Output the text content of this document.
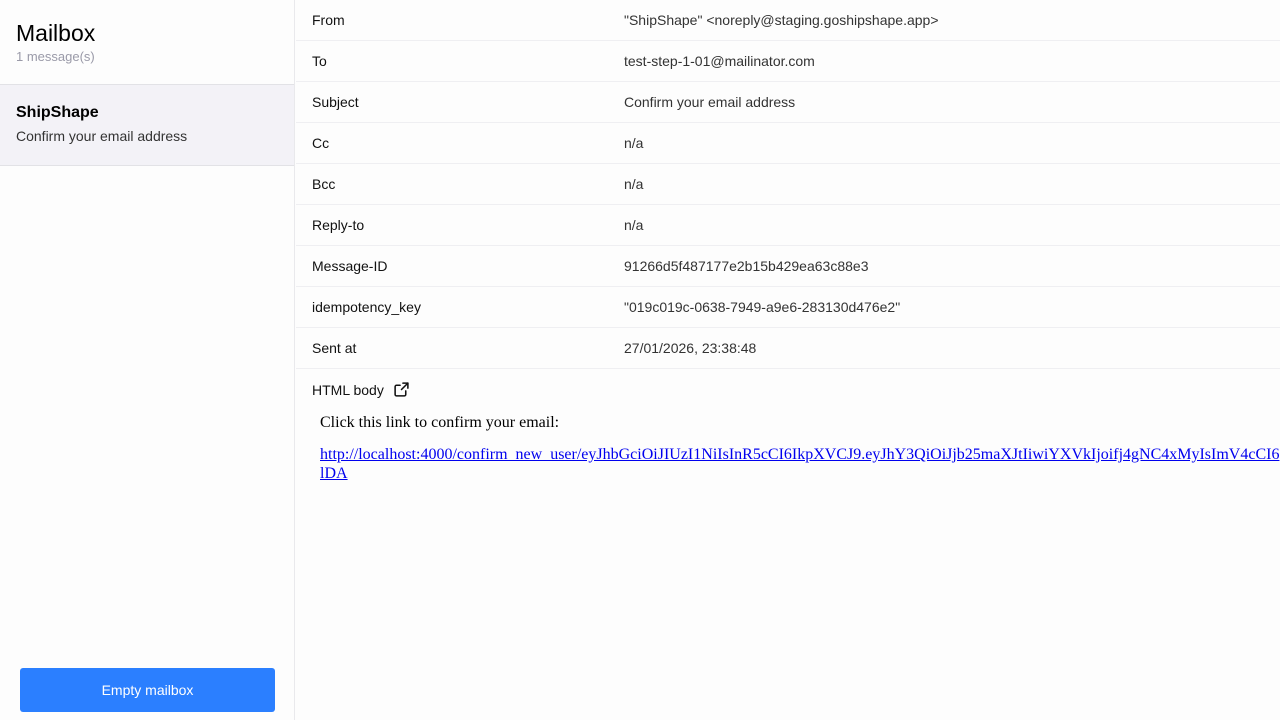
Mailbox
1 message(s)
ShipShape
Confirm your email address
Empty mailbox
From	"ShipShape" <noreply@staging.goshipshape.app>
To	test-step-1-01@mailinator.com
Subject	Confirm your email address
Cc	n/a
Bcc	n/a
Reply-to	n/a
Message-ID	91266d5f487177e2b15b429ea63c88e3
idempotency_key	"019c019c-0638-7949-a9e6-283130d476e2"
Sent at	27/01/2026, 23:38:48
HTML body

Click this link to confirm your email:

http://localhost:4000/confirm_new_user/eyJhbGciOiJIUzI1NiIsInR5cCI6IkpXVCJ9.eyJhY3QiOiJjb25maXJtIiwiYXVkIjoifj4gNC4xMyIsImV4cCI6
lDA
